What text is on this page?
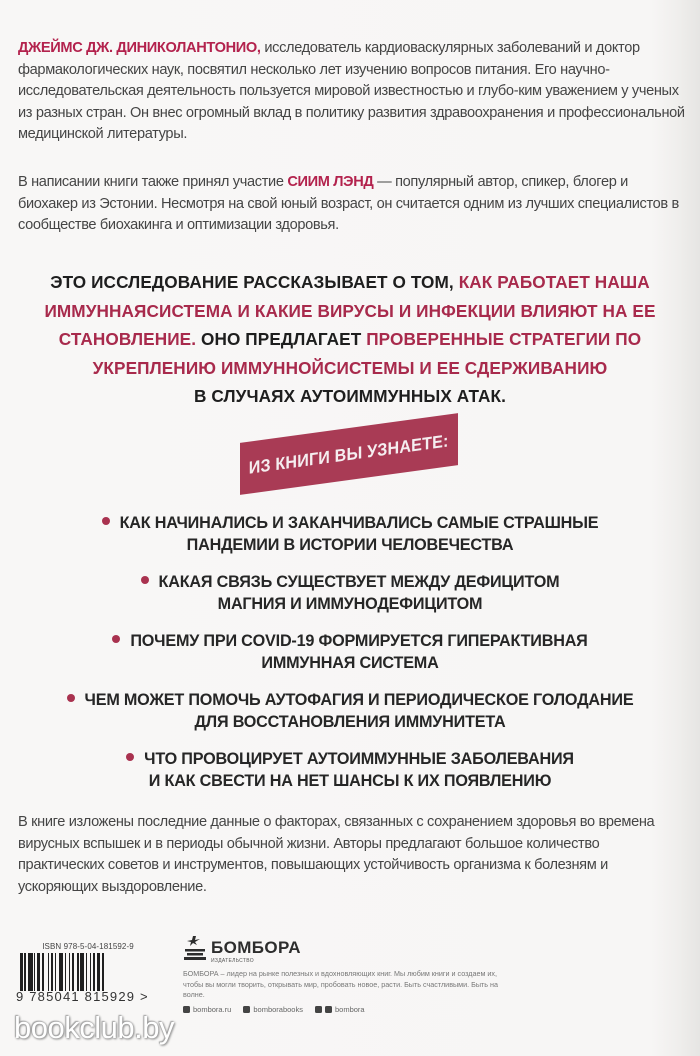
ДЖЕЙМС ДЖ. ДИНИКОЛАНТОНИО, исследователь кардиоваскулярных заболеваний и доктор фармакологических наук, посвятил несколько лет изучению вопросов питания. Его научно-исследовательская деятельность пользуется мировой известностью и глубо-ким уважением у ученых из разных стран. Он внес огромный вклад в политику развития здравоохранения и профессиональной медицинской литературы.
В написании книги также принял участие СИИМ ЛЭНД — популярный автор, спикер, блогер и биохакер из Эстонии. Несмотря на свой юный возраст, он считается одним из лучших специалистов в сообществе биохакинга и оптимизации здоровья.
ЭТО ИССЛЕДОВАНИЕ РАССКАЗЫВАЕТ О ТОМ, КАК РАБОТАЕТ НАША ИММУННАЯСИСТЕМА И КАКИЕ ВИРУСЫ И ИНФЕКЦИИ ВЛИЯЮТ НА ЕЕ СТАНОВЛЕНИЕ. ОНО ПРЕДЛАГАЕТ ПРОВЕРЕННЫЕ СТРАТЕГИИ ПО УКРЕПЛЕНИЮ ИММУННОЙСИСТЕМЫ И ЕЕ СДЕРЖИВАНИЮ
В СЛУЧАЯХ АУТОИММУННЫХ АТАК.
ИЗ КНИГИ ВЫ УЗНАЕТЕ:
КАК НАЧИНАЛИСЬ И ЗАКАНЧИВАЛИСЬ САМЫЕ СТРАШНЫЕ
ПАНДЕМИИ В ИСТОРИИ ЧЕЛОВЕЧЕСТВА
КАКАЯ СВЯЗЬ СУЩЕСТВУЕТ МЕЖДУ ДЕФИЦИТОМ
МАГНИЯ И ИММУНОДЕФИЦИТОМ
ПОЧЕМУ ПРИ COVID-19 ФОРМИРУЕТСЯ ГИПЕРАКТИВНАЯ
ИММУННАЯ СИСТЕМА
ЧЕМ МОЖЕТ ПОМОЧЬ АУТОФАГИЯ И ПЕРИОДИЧЕСКОЕ ГОЛОДАНИЕ
ДЛЯ ВОССТАНОВЛЕНИЯ ИММУНИТЕТА
ЧТО ПРОВОЦИРУЕТ АУТОИММУННЫЕ ЗАБОЛЕВАНИЯ
И КАК СВЕСТИ НА НЕТ ШАНСЫ К ИХ ПОЯВЛЕНИЮ
В книге изложены последние данные о факторах, связанных с сохранением здоровья во времена вирусных вспышек и в периоды обычной жизни. Авторы предлагают большое количество практических советов и инструментов, повышающих устойчивость организма к болезням и ускоряющих выздоровление.
ISBN 978-5-04-181592-9
9 785041 815929 >
bookclub.by
БОМБОРА
ИЗДАТЕЛЬСТВО
БОМБОРА – лидер на рынке полезных и вдохновляющих книг. Мы любим книги и создаем их, чтобы вы могли творить, открывать мир, пробовать новое, расти. Быть счастливыми. Быть на волне.
bombora.ru	bomborabooks	bombora
